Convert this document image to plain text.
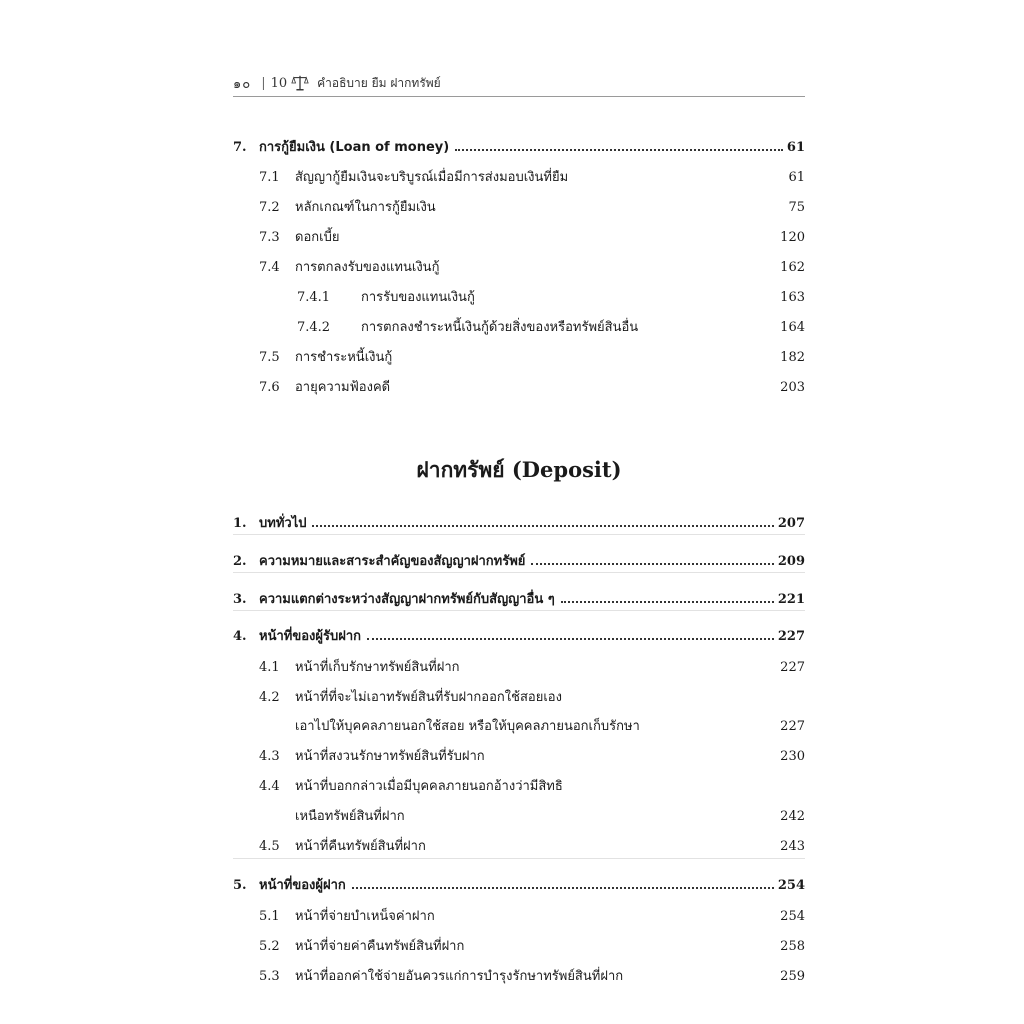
๑๐ | 10	คำอธิบาย ยืม ฝากทรัพย์
7. การกู้ยืมเงิน (Loan of money)	61
7.1	สัญญากู้ยืมเงินจะบริบูรณ์เมื่อมีการส่งมอบเงินที่ยืม	61
7.2	หลักเกณฑ์ในการกู้ยืมเงิน	75
7.3	ดอกเบี้ย	120
7.4	การตกลงรับของแทนเงินกู้	162
7.4.1	การรับของแทนเงินกู้	163
7.4.2	การตกลงชำระหนี้เงินกู้ด้วยสิ่งของหรือทรัพย์สินอื่น	164
7.5	การชำระหนี้เงินกู้	182
7.6	อายุความฟ้องคดี	203
ฝากทรัพย์ (Deposit)
1. บททั่วไป	207
2. ความหมายและสาระสำคัญของสัญญาฝากทรัพย์	209
3. ความแตกต่างระหว่างสัญญาฝากทรัพย์กับสัญญาอื่น ๆ	221
4. หน้าที่ของผู้รับฝาก	227
4.1	หน้าที่เก็บรักษาทรัพย์สินที่ฝาก	227
4.2	หน้าที่ที่จะไม่เอาทรัพย์สินที่รับฝากออกใช้สอยเอง
เอาไปให้บุคคลภายนอกใช้สอย หรือให้บุคคลภายนอกเก็บรักษา	227
4.3	หน้าที่สงวนรักษาทรัพย์สินที่รับฝาก	230
4.4	หน้าที่บอกกล่าวเมื่อมีบุคคลภายนอกอ้างว่ามีสิทธิ
เหนือทรัพย์สินที่ฝาก	242
4.5	หน้าที่คืนทรัพย์สินที่ฝาก	243
5. หน้าที่ของผู้ฝาก	254
5.1	หน้าที่จ่ายบำเหน็จค่าฝาก	254
5.2	หน้าที่จ่ายค่าคืนทรัพย์สินที่ฝาก	258
5.3	หน้าที่ออกค่าใช้จ่ายอันควรแก่การบำรุงรักษาทรัพย์สินที่ฝาก	259
